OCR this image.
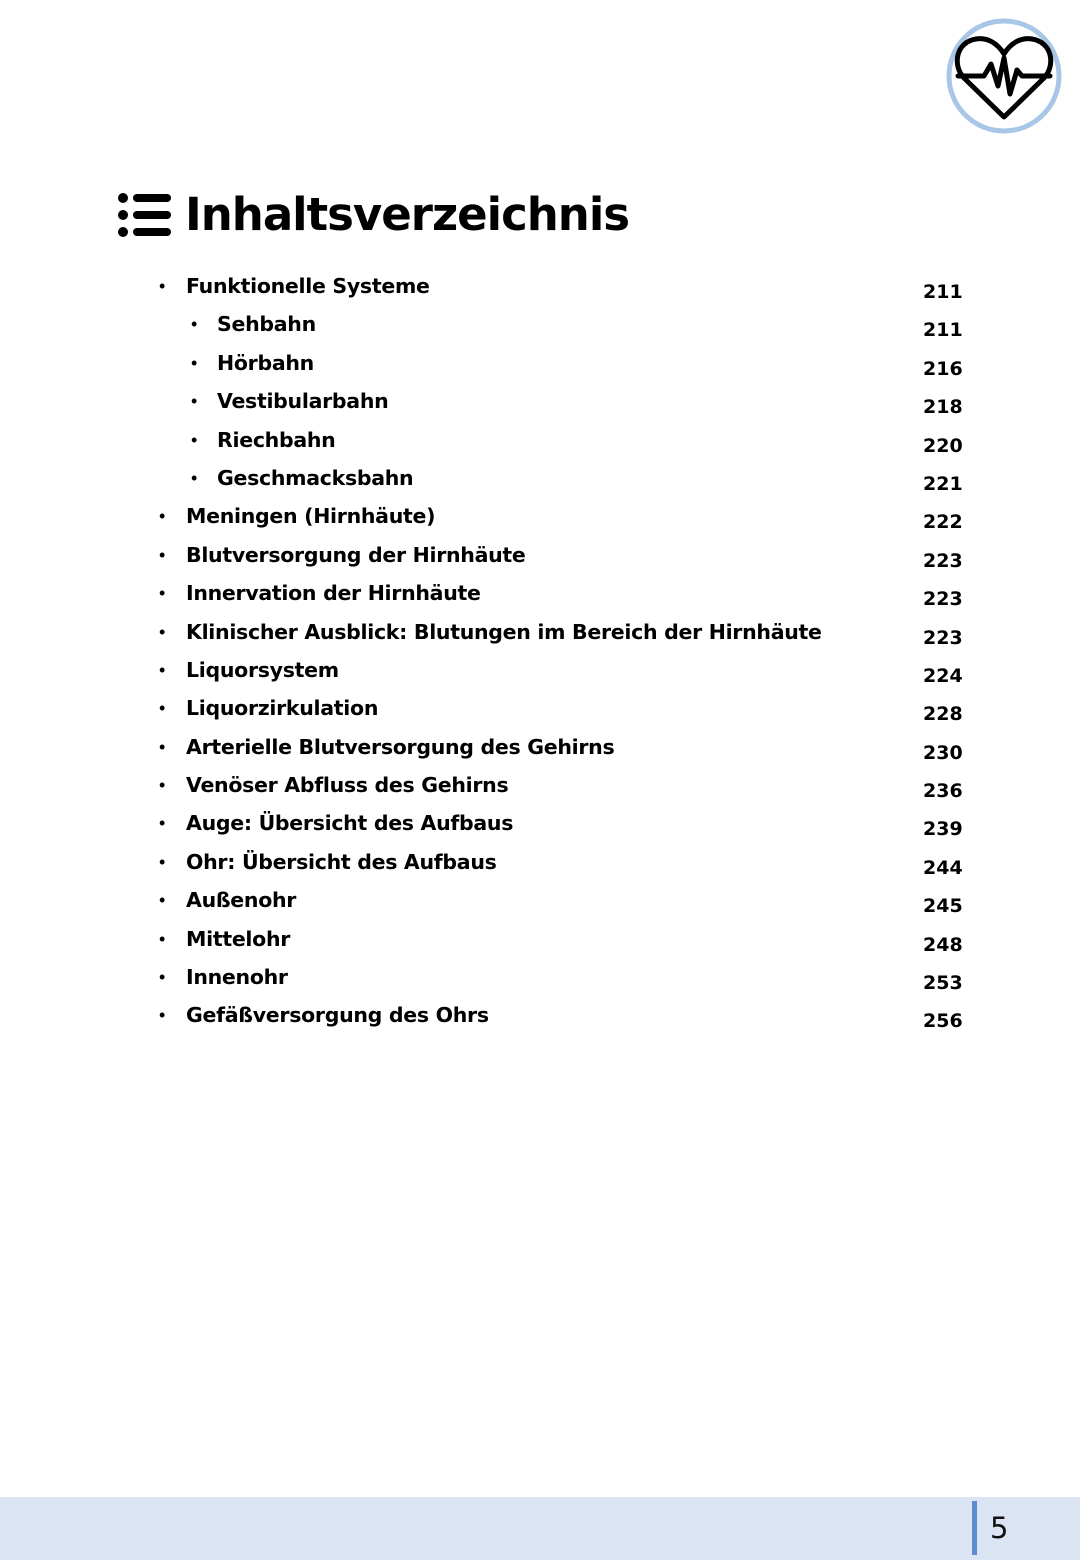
Inhaltsverzeichnis
• Funktionelle Systeme	211
• Sehbahn	211
• Hörbahn	216
• Vestibularbahn	218
• Riechbahn	220
• Geschmacksbahn	221
• Meningen (Hirnhäute)	222
• Blutversorgung der Hirnhäute	223
• Innervation der Hirnhäute	223
• Klinischer Ausblick: Blutungen im Bereich der Hirnhäute	223
• Liquorsystem	224
• Liquorzirkulation	228
• Arterielle Blutversorgung des Gehirns	230
• Venöser Abfluss des Gehirns	236
• Auge: Übersicht des Aufbaus	239
• Ohr: Übersicht des Aufbaus	244
• Außenohr	245
• Mittelohr	248
• Innenohr	253
• Gefäßversorgung des Ohrs	256
5
